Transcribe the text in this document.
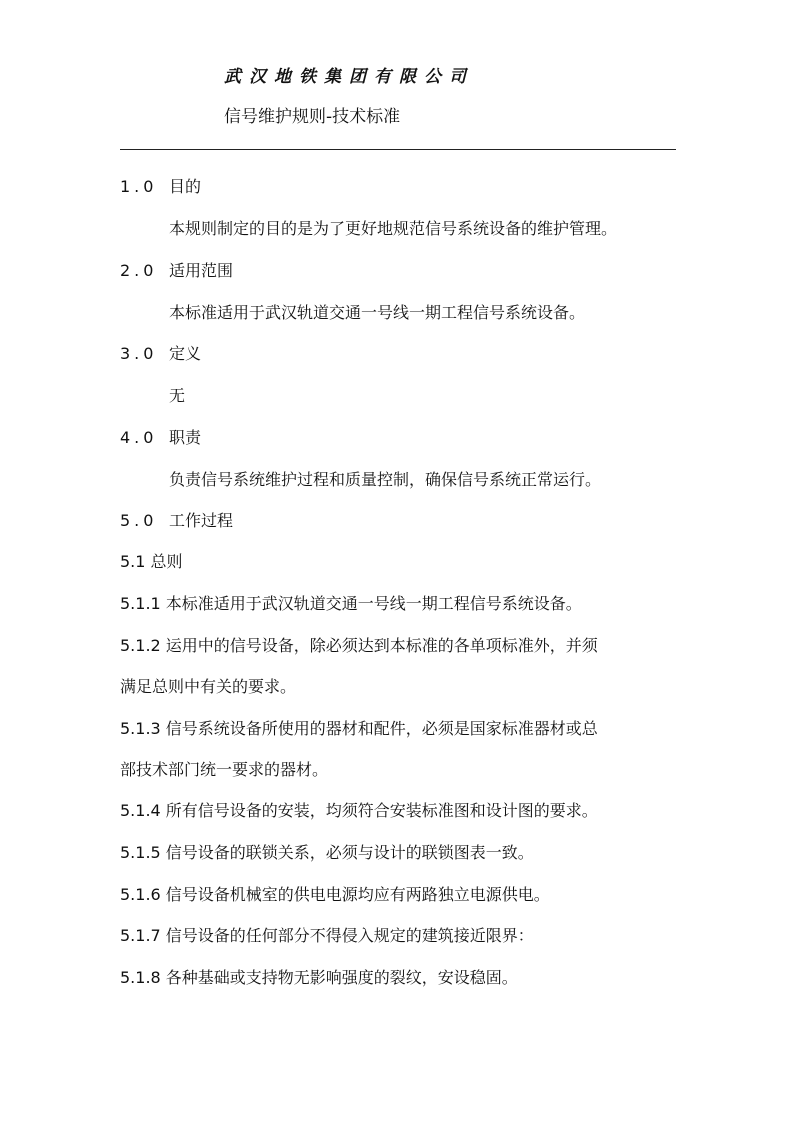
武汉地铁集团有限公司
信号维护规则-技术标准
1.0 目的
本规则制定的目的是为了更好地规范信号系统设备的维护管理。
2.0 适用范围
本标准适用于武汉轨道交通一号线一期工程信号系统设备。
3.0 定义
无
4.0 职责
负责信号系统维护过程和质量控制，确保信号系统正常运行。
5.0 工作过程
5.1 总则
5.1.1 本标准适用于武汉轨道交通一号线一期工程信号系统设备。
5.1.2 运用中的信号设备，除必须达到本标准的各单项标准外，并须
满足总则中有关的要求。
5.1.3 信号系统设备所使用的器材和配件，必须是国家标准器材或总
部技术部门统一要求的器材。
5.1.4 所有信号设备的安装，均须符合安装标准图和设计图的要求。
5.1.5 信号设备的联锁关系，必须与设计的联锁图表一致。
5.1.6 信号设备机械室的供电电源均应有两路独立电源供电。
5.1.7 信号设备的任何部分不得侵入规定的建筑接近限界：
5.1.8 各种基础或支持物无影响强度的裂纹，安设稳固。
